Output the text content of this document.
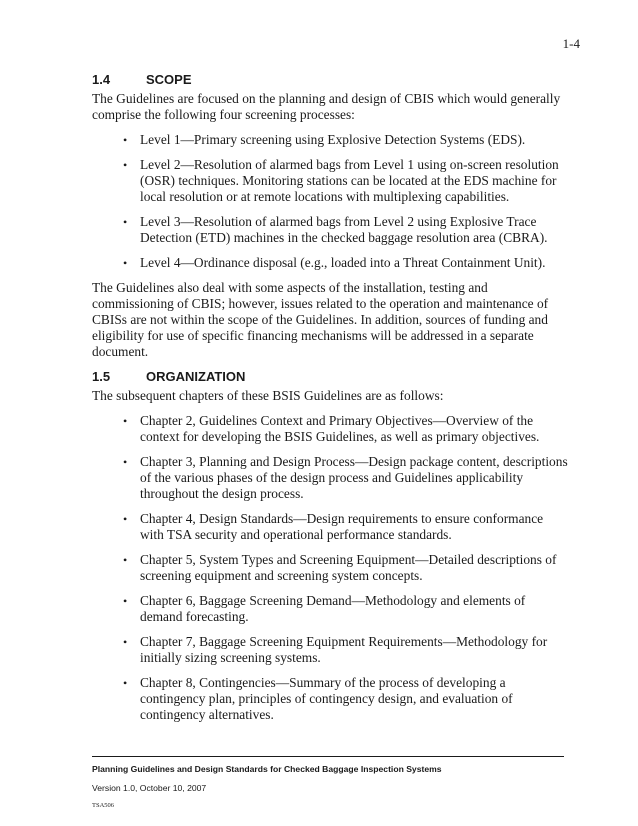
1-4
1.4	SCOPE

The Guidelines are focused on the planning and design of CBIS which would generally comprise the following four screening processes:

• Level 1—Primary screening using Explosive Detection Systems (EDS).
• Level 2—Resolution of alarmed bags from Level 1 using on-screen resolution (OSR) techniques. Monitoring stations can be located at the EDS machine for local resolution or at remote locations with multiplexing capabilities.
• Level 3—Resolution of alarmed bags from Level 2 using Explosive Trace Detection (ETD) machines in the checked baggage resolution area (CBRA).
• Level 4—Ordinance disposal (e.g., loaded into a Threat Containment Unit).

The Guidelines also deal with some aspects of the installation, testing and commissioning of CBIS; however, issues related to the operation and maintenance of CBISs are not within the scope of the Guidelines. In addition, sources of funding and eligibility for use of specific financing mechanisms will be addressed in a separate document.

1.5	ORGANIZATION

The subsequent chapters of these BSIS Guidelines are as follows:

• Chapter 2, Guidelines Context and Primary Objectives—Overview of the context for developing the BSIS Guidelines, as well as primary objectives.
• Chapter 3, Planning and Design Process—Design package content, descriptions of the various phases of the design process and Guidelines applicability throughout the design process.
• Chapter 4, Design Standards—Design requirements to ensure conformance with TSA security and operational performance standards.
• Chapter 5, System Types and Screening Equipment—Detailed descriptions of screening equipment and screening system concepts.
• Chapter 6, Baggage Screening Demand—Methodology and elements of demand forecasting.
• Chapter 7, Baggage Screening Equipment Requirements—Methodology for initially sizing screening systems.
• Chapter 8, Contingencies—Summary of the process of developing a contingency plan, principles of contingency design, and evaluation of contingency alternatives.
Planning Guidelines and Design Standards for Checked Baggage Inspection Systems
Version 1.0, October 10, 2007
TSA506
